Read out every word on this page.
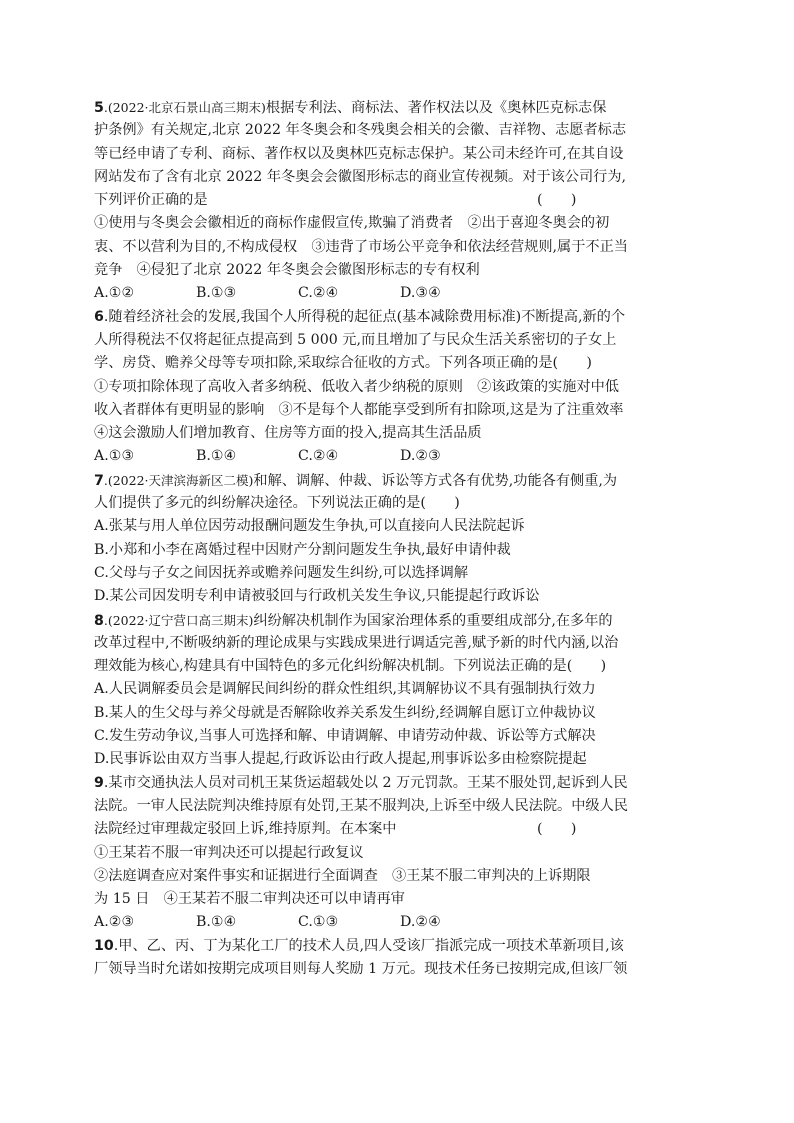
5.(2022·北京石景山高三期末)根据专利法、商标法、著作权法以及《奥林匹克标志保
护条例》有关规定,北京 2022 年冬奥会和冬残奥会相关的会徽、吉祥物、志愿者标志
等已经申请了专利、商标、著作权以及奥林匹克标志保护。某公司未经许可,在其自设
网站发布了含有北京 2022 年冬奥会会徽图形标志的商业宣传视频。对于该公司行为,
下列评价正确的是	(　　)
①使用与冬奥会会徽相近的商标作虚假宣传,欺骗了消费者　②出于喜迎冬奥会的初
衷、不以营利为目的,不构成侵权　③违背了市场公平竞争和依法经营规则,属于不正当
竞争　④侵犯了北京 2022 年冬奥会会徽图形标志的专有权利
A.①②	B.①③	C.②④	D.③④
6.随着经济社会的发展,我国个人所得税的起征点(基本减除费用标准)不断提高,新的个
人所得税法不仅将起征点提高到 5 000 元,而且增加了与民众生活关系密切的子女上
学、房贷、赡养父母等专项扣除,采取综合征收的方式。下列各项正确的是(　　)
①专项扣除体现了高收入者多纳税、低收入者少纳税的原则　②该政策的实施对中低
收入者群体有更明显的影响　③不是每个人都能享受到所有扣除项,这是为了注重效率
④这会激励人们增加教育、住房等方面的投入,提高其生活品质
A.①③	B.①④	C.②④	D.②③
7.(2022·天津滨海新区二模)和解、调解、仲裁、诉讼等方式各有优势,功能各有侧重,为
人们提供了多元的纠纷解决途径。下列说法正确的是(　　)
A.张某与用人单位因劳动报酬问题发生争执,可以直接向人民法院起诉
B.小郑和小李在离婚过程中因财产分割问题发生争执,最好申请仲裁
C.父母与子女之间因抚养或赡养问题发生纠纷,可以选择调解
D.某公司因发明专利申请被驳回与行政机关发生争议,只能提起行政诉讼
8.(2022·辽宁营口高三期末)纠纷解决机制作为国家治理体系的重要组成部分,在多年的
改革过程中,不断吸纳新的理论成果与实践成果进行调适完善,赋予新的时代内涵,以治
理效能为核心,构建具有中国特色的多元化纠纷解决机制。下列说法正确的是(　　)
A.人民调解委员会是调解民间纠纷的群众性组织,其调解协议不具有强制执行效力
B.某人的生父母与养父母就是否解除收养关系发生纠纷,经调解自愿订立仲裁协议
C.发生劳动争议,当事人可选择和解、申请调解、申请劳动仲裁、诉讼等方式解决
D.民事诉讼由双方当事人提起,行政诉讼由行政人提起,刑事诉讼多由检察院提起
9.某市交通执法人员对司机王某货运超载处以 2 万元罚款。王某不服处罚,起诉到人民
法院。一审人民法院判决维持原有处罚,王某不服判决,上诉至中级人民法院。中级人民
法院经过审理裁定驳回上诉,维持原判。在本案中	(　　)
①王某若不服一审判决还可以提起行政复议
②法庭调查应对案件事实和证据进行全面调查　③王某不服二审判决的上诉期限
为 15 日　④王某若不服二审判决还可以申请再审
A.②③	B.①④	C.①③	D.②④
10.甲、乙、丙、丁为某化工厂的技术人员,四人受该厂指派完成一项技术革新项目,该
厂领导当时允诺如按期完成项目则每人奖励 1 万元。现技术任务已按期完成,但该厂领
